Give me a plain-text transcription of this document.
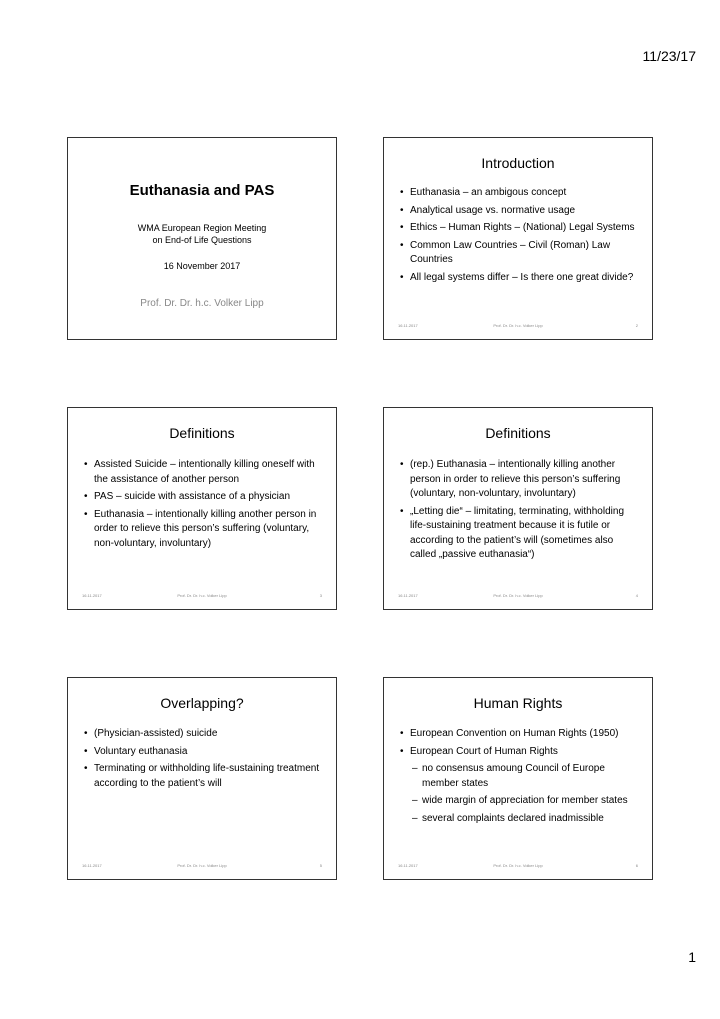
11/23/17
Euthanasia and PAS
WMA European Region Meeting
on End-of Life Questions
16 November 2017
Prof. Dr. Dr. h.c. Volker Lipp
Introduction
• Euthanasia – an ambigous concept
• Analytical usage vs. normative usage
• Ethics – Human Rights – (National) Legal Systems
• Common Law Countries – Civil (Roman) Law Countries
• All legal systems differ – Is there one great divide?
16.11.2017	Prof. Dr. Dr. h.c. Volker Lipp	2
Definitions
• Assisted Suicide – intentionally killing oneself with the assistance of another person
• PAS – suicide with assistance of a physician
• Euthanasia – intentionally killing another person in order to relieve this person’s suffering (voluntary, non-voluntary, involuntary)
16.11.2017	Prof. Dr. Dr. h.c. Volker Lipp	3
Definitions
• (rep.) Euthanasia – intentionally killing another person in order to relieve this person’s suffering (voluntary, non-voluntary, involuntary)
• „Letting die“ – limitating, terminating, withholding life-sustaining treatment because it is futile or according to the patient’s will (sometimes also called „passive euthanasia“)
16.11.2017	Prof. Dr. Dr. h.c. Volker Lipp	4
Overlapping?
• (Physician-assisted) suicide
• Voluntary euthanasia
• Terminating or withholding life-sustaining treatment according to the patient’s will
16.11.2017	Prof. Dr. Dr. h.c. Volker Lipp	5
Human Rights
• European Convention on Human Rights (1950)
• European Court of Human Rights
– no consensus amoung Council of Europe member states
– wide margin of appreciation for member states
– several complaints declared inadmissible
16.11.2017	Prof. Dr. Dr. h.c. Volker Lipp	6
1
